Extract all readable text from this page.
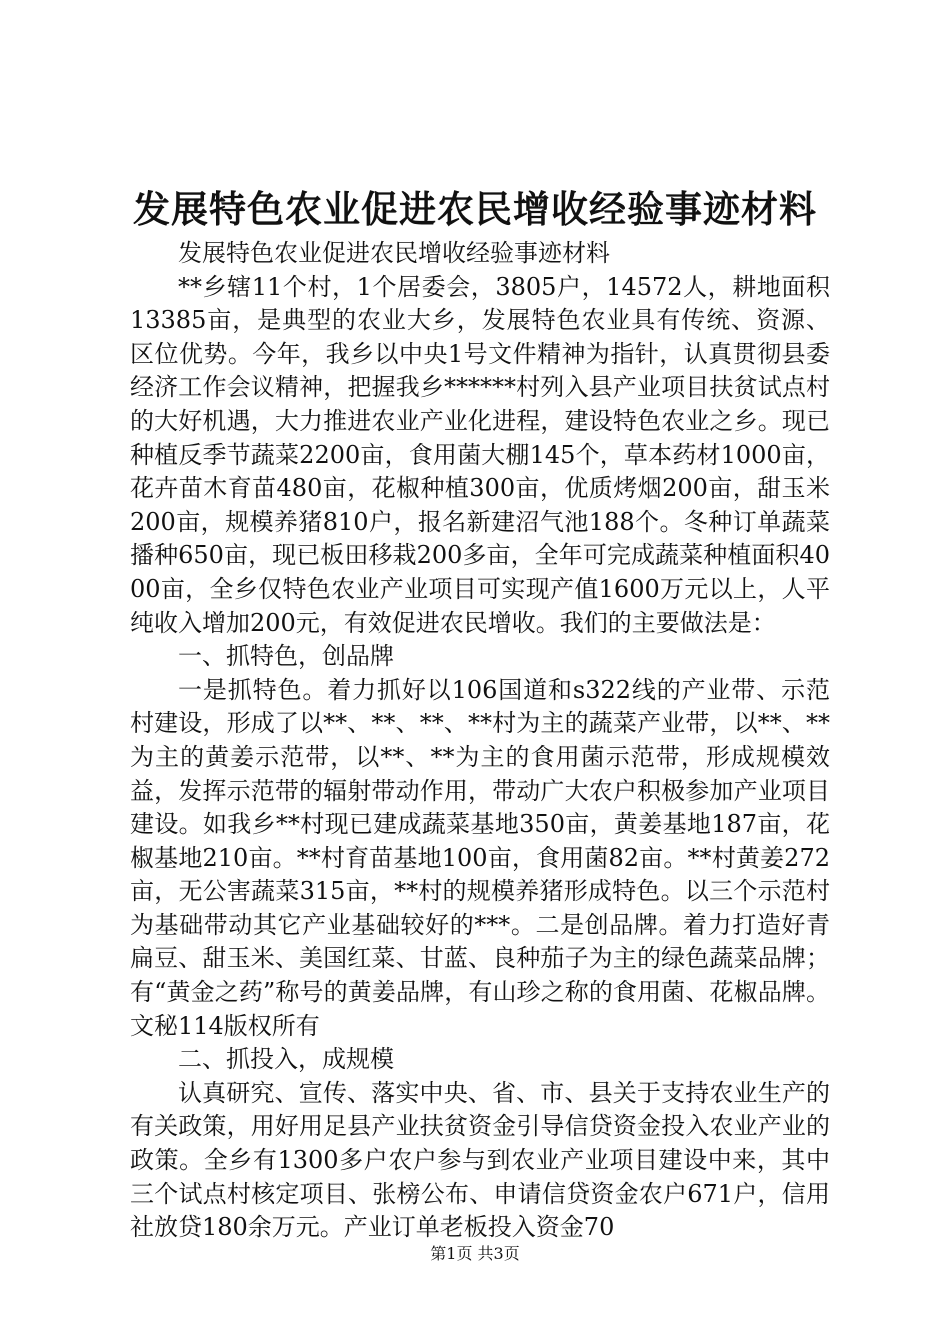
发展特色农业促进农民增收经验事迹材料

发展特色农业促进农民增收经验事迹材料

**乡辖11个村，1个居委会，3805户，14572人，耕地面积13385亩，是典型的农业大乡，发展特色农业具有传统、资源、区位优势。今年，我乡以中央1号文件精神为指针，认真贯彻县委经济工作会议精神，把握我乡******村列入县产业项目扶贫试点村的大好机遇，大力推进农业产业化进程，建设特色农业之乡。现已种植反季节蔬菜2200亩，食用菌大棚145个，草本药材1000亩，花卉苗木育苗480亩，花椒种植300亩，优质烤烟200亩，甜玉米200亩，规模养猪810户，报名新建沼气池188个。冬种订单蔬菜播种650亩，现已板田移栽200多亩，全年可完成蔬菜种植面积4000亩，全乡仅特色农业产业项目可实现产值1600万元以上，人平纯收入增加200元，有效促进农民增收。我们的主要做法是：

一、抓特色，创品牌

一是抓特色。着力抓好以106国道和s322线的产业带、示范村建设，形成了以**、**、**、**村为主的蔬菜产业带，以**、**为主的黄姜示范带，以**、**为主的食用菌示范带，形成规模效益，发挥示范带的辐射带动作用，带动广大农户积极参加产业项目建设。如我乡**村现已建成蔬菜基地350亩，黄姜基地187亩，花椒基地210亩。**村育苗基地100亩，食用菌82亩。**村黄姜272亩，无公害蔬菜315亩，**村的规模养猪形成特色。以三个示范村为基础带动其它产业基础较好的***。二是创品牌。着力打造好青扁豆、甜玉米、美国红菜、甘蓝、良种茄子为主的绿色蔬菜品牌；有“黄金之药”称号的黄姜品牌，有山珍之称的食用菌、花椒品牌。文秘114版权所有

二、抓投入，成规模

认真研究、宣传、落实中央、省、市、县关于支持农业生产的有关政策，用好用足县产业扶贫资金引导信贷资金投入农业产业的政策。全乡有1300多户农户参与到农业产业项目建设中来，其中三个试点村核定项目、张榜公布、申请信贷资金农户671户，信用社放贷180余万元。产业订单老板投入资金70

第1页 共3页
